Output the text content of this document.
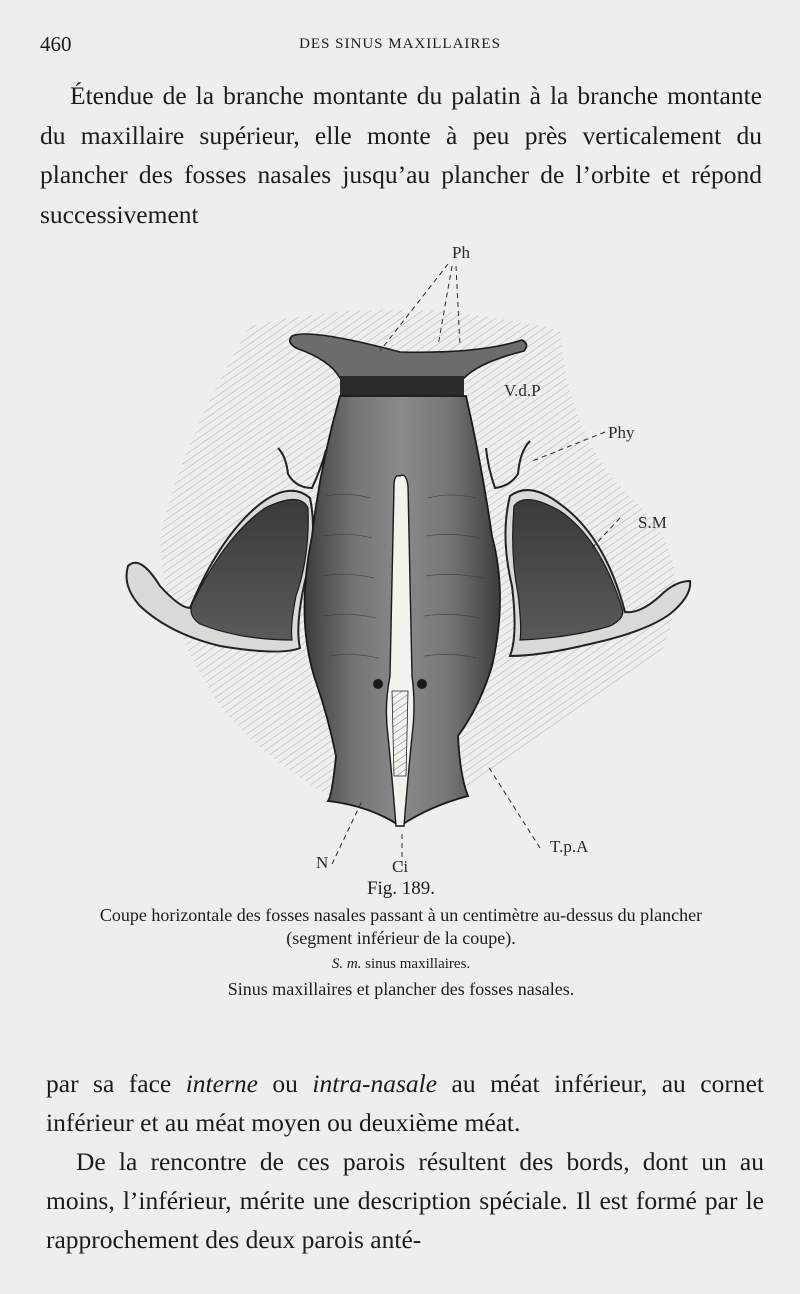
460	DES SINUS MAXILLAIRES

Étendue de la branche montante du palatin à la branche montante du maxillaire supérieur, elle monte à peu près verticalement du plancher des fosses nasales jusqu’au plancher de l’orbite et répond successivement

Ph
V.d.P
Phy
S.M
T.p.A
N	Ci

Fig. 189.

Coupe horizontale des fosses nasales passant à un centimètre au-dessus du plancher (segment inférieur de la coupe).

S. m. sinus maxillaires.

Sinus maxillaires et plancher des fosses nasales.

par sa face interne ou intra-nasale au méat inférieur, au cornet inférieur et au méat moyen ou deuxième méat.

De la rencontre de ces parois résultent des bords, dont un au moins, l’inférieur, mérite une description spéciale. Il est formé par le rapprochement des deux parois anté-
